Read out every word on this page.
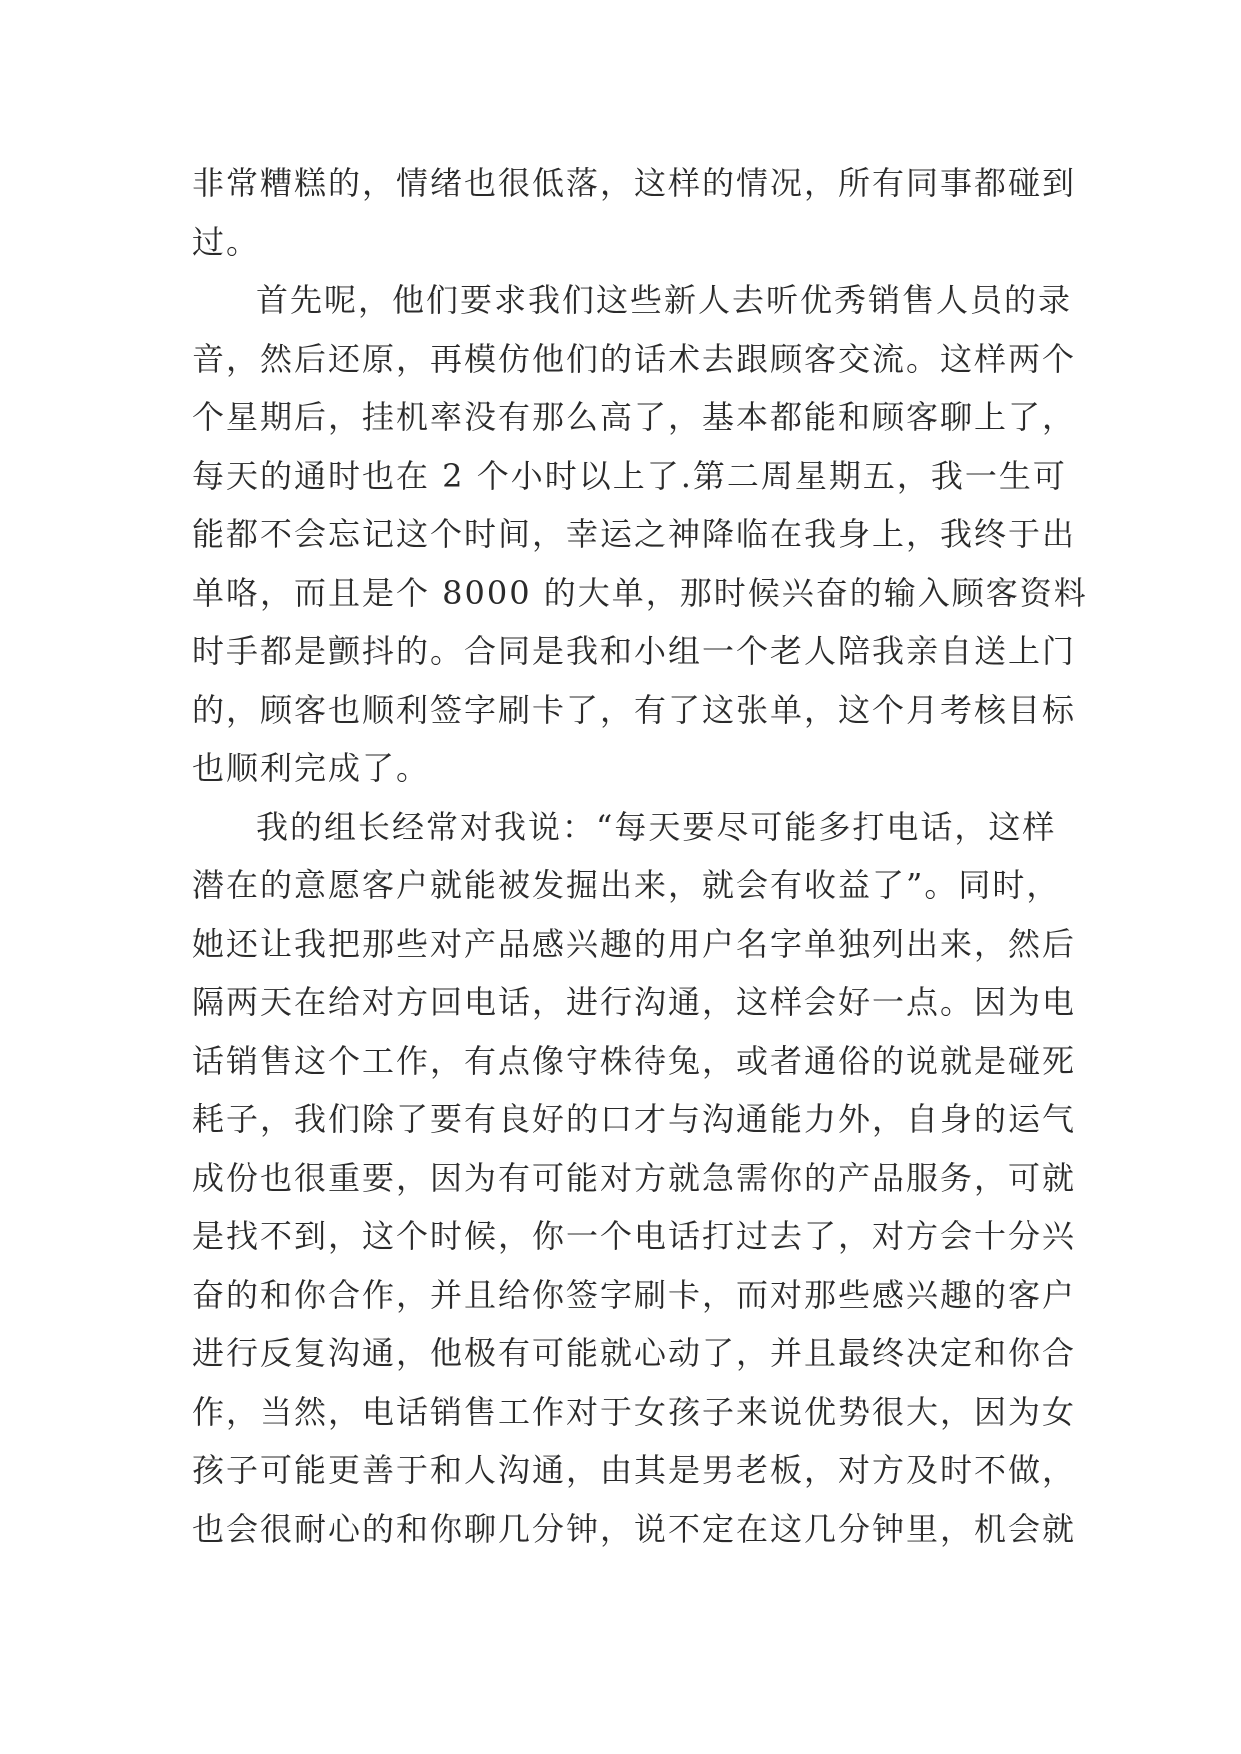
非常糟糕的，情绪也很低落，这样的情况，所有同事都碰到
过。
首先呢，他们要求我们这些新人去听优秀销售人员的录
音，然后还原，再模仿他们的话术去跟顾客交流。这样两个
个星期后，挂机率没有那么高了，基本都能和顾客聊上了，
每天的通时也在 2 个小时以上了.第二周星期五，我一生可
能都不会忘记这个时间，幸运之神降临在我身上，我终于出
单咯，而且是个 8000 的大单，那时候兴奋的输入顾客资料
时手都是颤抖的。合同是我和小组一个老人陪我亲自送上门
的，顾客也顺利签字刷卡了，有了这张单，这个月考核目标
也顺利完成了。
我的组长经常对我说：“每天要尽可能多打电话，这样
潜在的意愿客户就能被发掘出来，就会有收益了”。同时，
她还让我把那些对产品感兴趣的用户名字单独列出来，然后
隔两天在给对方回电话，进行沟通，这样会好一点。因为电
话销售这个工作，有点像守株待兔，或者通俗的说就是碰死
耗子，我们除了要有良好的口才与沟通能力外，自身的运气
成份也很重要，因为有可能对方就急需你的产品服务，可就
是找不到，这个时候，你一个电话打过去了，对方会十分兴
奋的和你合作，并且给你签字刷卡，而对那些感兴趣的客户
进行反复沟通，他极有可能就心动了，并且最终决定和你合
作，当然，电话销售工作对于女孩子来说优势很大，因为女
孩子可能更善于和人沟通，由其是男老板，对方及时不做，
也会很耐心的和你聊几分钟，说不定在这几分钟里，机会就
